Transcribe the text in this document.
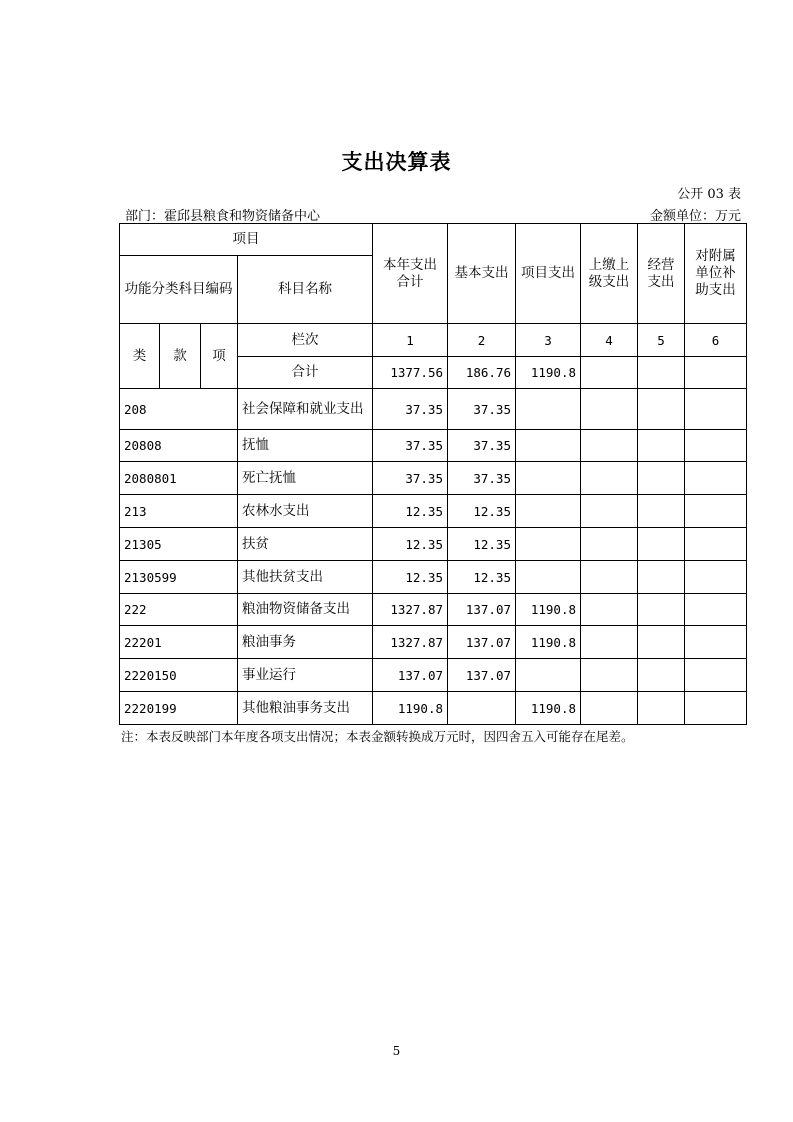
支出决算表
公开 03 表
部门：霍邱县粮食和物资储备中心	金额单位：万元
项目				本年支出合计	基本支出	项目支出	上缴上级支出	经营支出	对附属单位补助支出
功能分类科目编码			科目名称						
类	款	项	栏次	1	2	3	4	5	6
			合计	1377.56	186.76	1190.8			
208			社会保障和就业支出	37.35	37.35				
20808			抚恤	37.35	37.35				
2080801			死亡抚恤	37.35	37.35				
213			农林水支出	12.35	12.35				
21305			扶贫	12.35	12.35				
2130599			其他扶贫支出	12.35	12.35				
222			粮油物资储备支出	1327.87	137.07	1190.8			
22201			粮油事务	1327.87	137.07	1190.8			
2220150			事业运行	137.07	137.07				
2220199			其他粮油事务支出	1190.8		1190.8			
注：本表反映部门本年度各项支出情况；本表金额转换成万元时，因四舍五入可能存在尾差。
5
